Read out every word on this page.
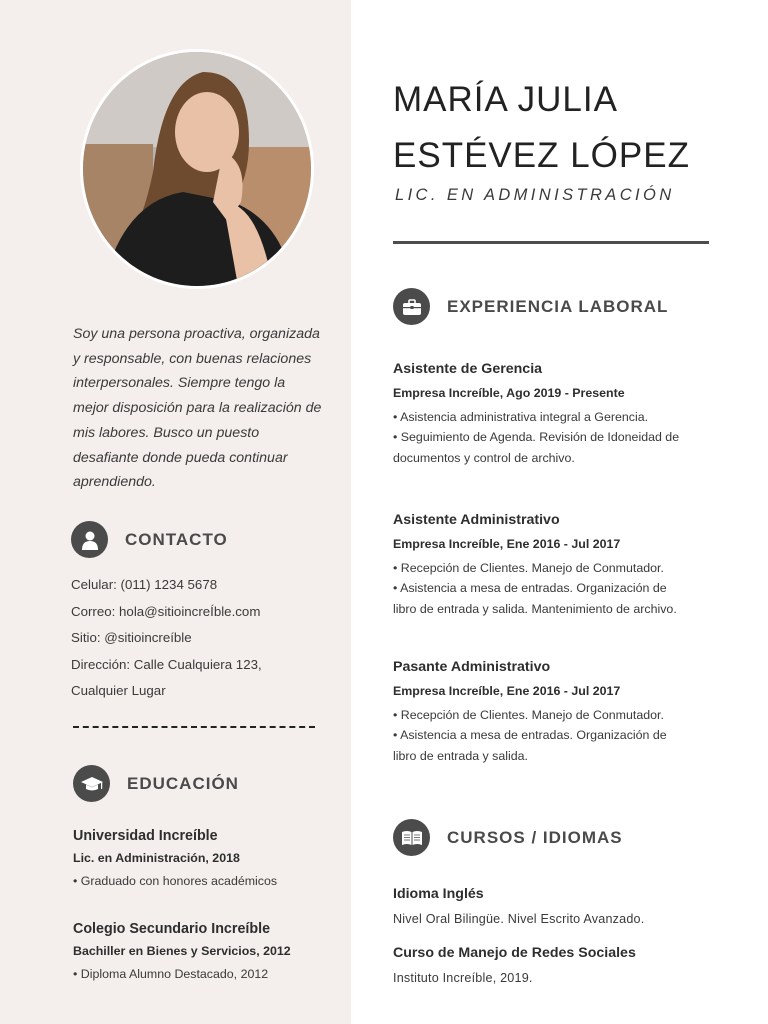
Soy una persona proactiva, organizada y responsable, con buenas relaciones interpersonales. Siempre tengo la mejor disposición para la realización de mis labores. Busco un puesto desafiante donde pueda continuar aprendiendo.
CONTACTO
Celular: (011) 1234 5678
Correo: hola@sitioincreÍble.com
Sitio: @sitioincreíble
Dirección: Calle Cualquiera 123,
Cualquier Lugar
EDUCACIÓN
Universidad Increíble
Lic. en Administración, 2018
• Graduado con honores académicos
Colegio Secundario Increíble
Bachiller en Bienes y Servicios, 2012
• Diploma Alumno Destacado, 2012
MARÍA JULIA
ESTÉVEZ LÓPEZ
LIC. EN ADMINISTRACIÓN
EXPERIENCIA LABORAL
Asistente de Gerencia
Empresa Increíble, Ago 2019 - Presente
• Asistencia administrativa integral a Gerencia.
• Seguimiento de Agenda. Revisión de Idoneidad de
documentos y control de archivo.
Asistente Administrativo
Empresa Increíble, Ene 2016 - Jul 2017
• Recepción de Clientes. Manejo de Conmutador.
• Asistencia a mesa de entradas. Organización de
libro de entrada y salida. Mantenimiento de archivo.
Pasante Administrativo
Empresa Increíble, Ene 2016 - Jul 2017
• Recepción de Clientes. Manejo de Conmutador.
• Asistencia a mesa de entradas. Organización de
libro de entrada y salida.
CURSOS / IDIOMAS
Idioma Inglés
Nivel Oral Bilingüe. Nivel Escrito Avanzado.
Curso de Manejo de Redes Sociales
Instituto Increíble, 2019.
